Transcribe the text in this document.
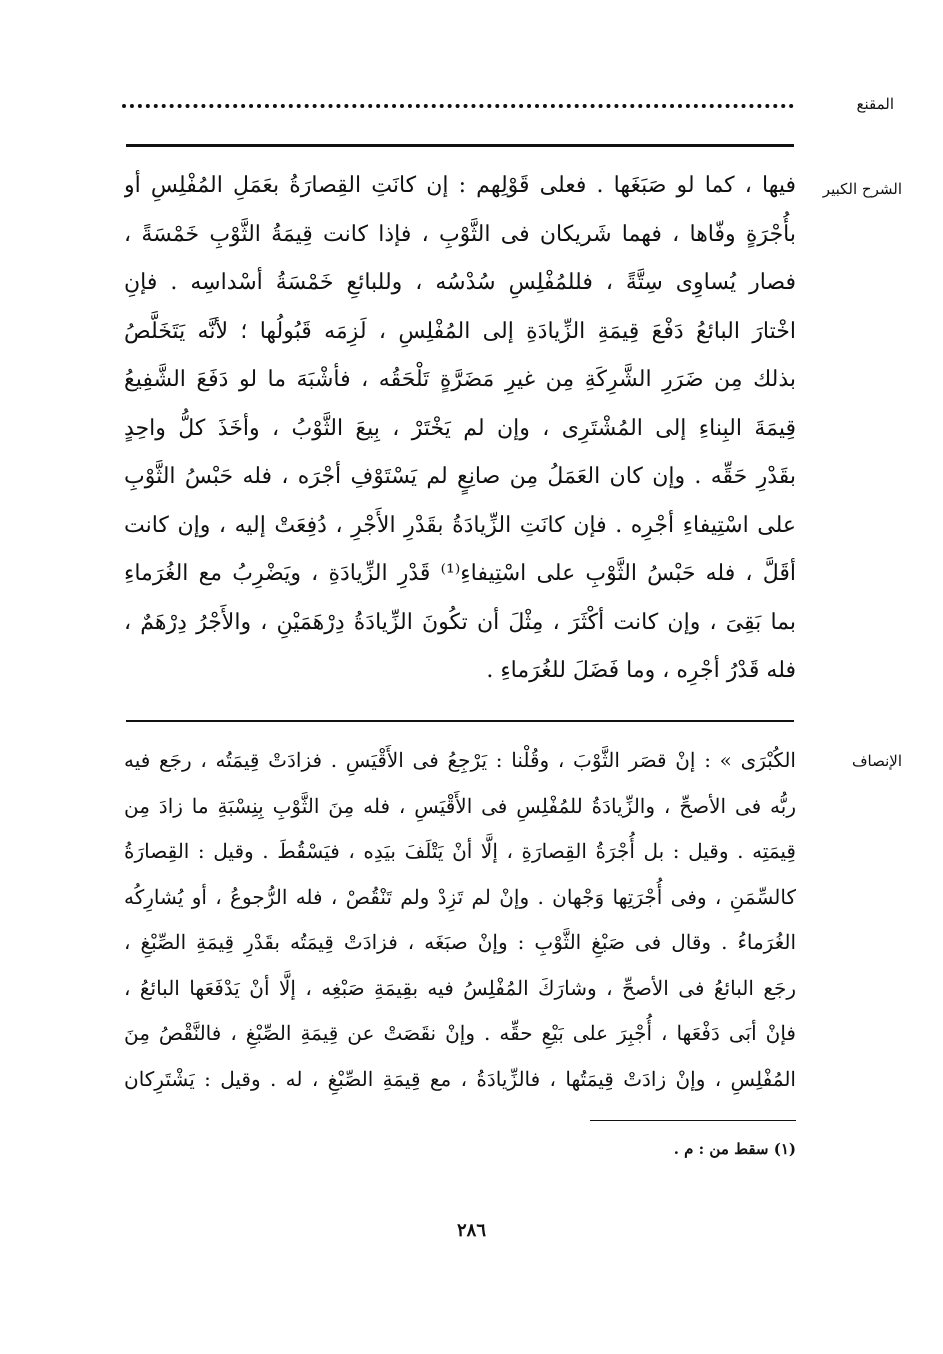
المقنع
الشرح الكبير
فيها ، كما لو صَبَغَها . فعلى قَوْلِهم : إن كانَتِ القِصارَةُ بعَمَلِ المُفْلِسِ أو
بأُجْرَةٍ وفّاها ، فهما شَريكان فى الثَّوْبِ ، فإذا كانت قِيمَةُ الثَّوْبِ خَمْسَةً ،
فصار يُساوِى سِتَّةً ، فللمُفْلِسِ سُدْسُه ، وللبائعِ خَمْسَةُ أسْداسِه . فإنِ
اخْتارَ البائعُ دَفْعَ قِيمَةِ الزِّيادَةِ إلى المُفْلِسِ ، لَزِمَه قَبُولُها ؛ لأنَّه يَتَخَلَّصُ
بذلك مِن ضَرَرِ الشَّرِكَةِ مِن غيرِ مَضَرَّةٍ تَلْحَقُه ، فأشْبَهَ ما لو دَفَعَ الشَّفِيعُ
قِيمَةَ البِناءِ إلى المُشْتَرِى ، وإن لم يَخْتَرْ ، بِيعَ الثَّوْبُ ، وأخَذَ كلُّ واحِدٍ
بقَدْرِ حَقِّه . وإن كان العَمَلُ مِن صانِعٍ لم يَسْتَوْفِ أجْرَه ، فله حَبْسُ الثَّوْبِ
على اسْتِيفاءِ أجْرِه . فإن كانَتِ الزِّيادَةُ بقَدْرِ الأَجْرِ ، دُفِعَتْ إليه ، وإن كانت
أقَلَّ ، فله حَبْسُ الثَّوْبِ على اسْتِيفاءِ⁽¹⁾ قَدْرِ الزِّيادَةِ ، ويَضْرِبُ مع الغُرَماءِ
بما بَقِىَ ، وإن كانت أكْثَرَ ، مِثْلَ أن تكُونَ الزِّيادَةُ دِرْهَمَيْنِ ، والأَجْرُ دِرْهَمٌ ،
فله قَدْرُ أجْرِه ، وما فَضَلَ للغُرَماءِ .
الإنصاف
الكُبْرَى » : إنْ قصَر الثَّوْبَ ، وقُلْنا : يَرْجِعُ فى الأَقْيَسِ . فزادَتْ قِيمَتُه ، رجَع فيه
ربُّه فى الأصحِّ ، والزِّيادَةُ للمُفْلِسِ فى الأَقْيَسِ ، فله مِنَ الثَّوْبِ بِنِسْبَةِ ما زادَ مِن
قِيمَتِه . وقيل : بل أُجْرَةُ القِصارَةِ ، إلَّا أنْ يَتْلَفَ بيَدِه ، فيَسْقُطَ . وقيل : القِصارَةُ
كالسِّمَنِ ، وفى أُجْرَتِها وَجْهان . وإنْ لم تَزِدْ ولم تَنْقُصْ ، فله الرُّجوعُ ، أو يُشارِكُه
الغُرَماءُ . وقال فى صَبْغِ الثَّوْبِ : وإنْ صبَغَه ، فزادَتْ قِيمَتُه بقَدْرِ قِيمَةِ الصِّبْغِ ،
رجَع البائعُ فى الأصحِّ ، وشارَكَ المُفْلِسُ فيه بقِيمَةِ صَبْغِه ، إلَّا أنْ يَدْفَعَها البائعُ ،
فإنْ أبَى دَفْعَها ، أُجْبِرَ على بَيْعِ حقِّه . وإنْ نقَصَتْ عن قِيمَةِ الصِّبْغِ ، فالنَّقْصُ مِنَ
المُفْلِسِ ، وإنْ زادَتْ قِيمَتُها ، فالزِّيادَةُ ، مع قِيمَةِ الصِّبْغِ ، له . وقيل : يَشْتَرِكان
(١) سقط من : م .
٢٨٦
